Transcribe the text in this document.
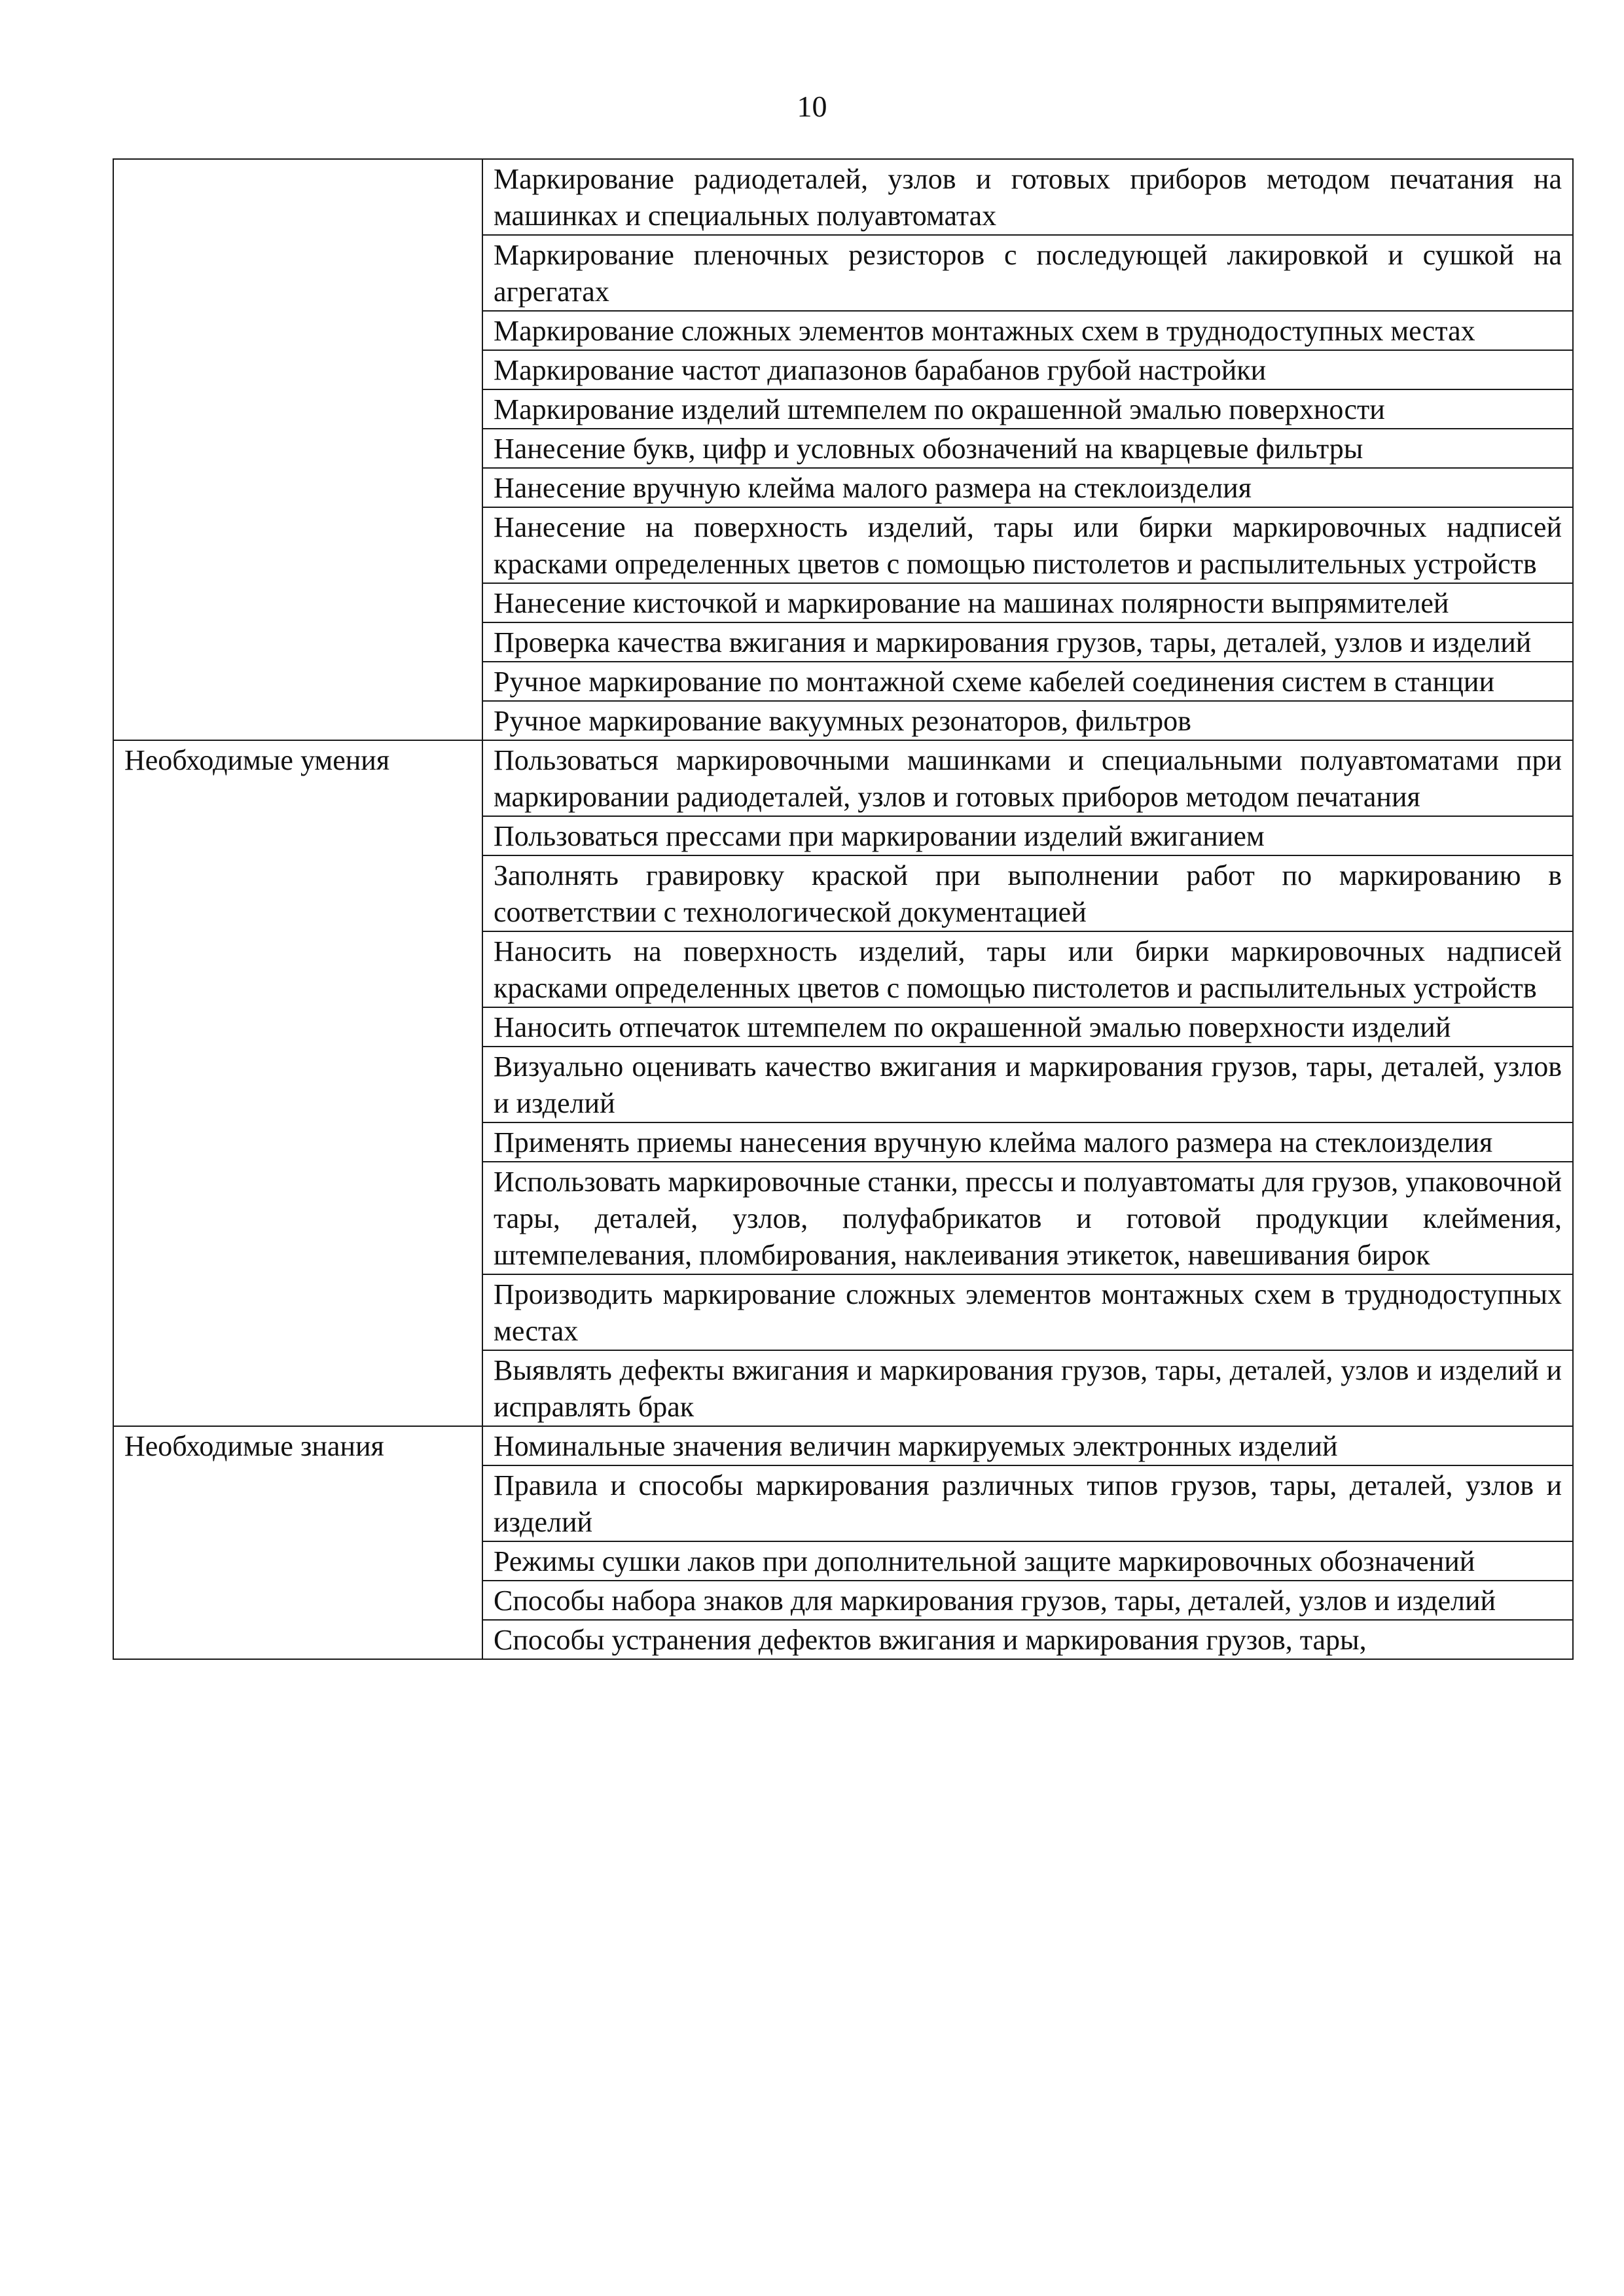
10
	Маркирование радиодеталей, узлов и готовых приборов методом печатания на машинках и специальных полуавтоматах
	Маркирование пленочных резисторов с последующей лакировкой и сушкой на агрегатах
	Маркирование сложных элементов монтажных схем в труднодоступных местах
	Маркирование частот диапазонов барабанов грубой настройки
	Маркирование изделий штемпелем по окрашенной эмалью поверхности
	Нанесение букв, цифр и условных обозначений на кварцевые фильтры
	Нанесение вручную клейма малого размера на стеклоизделия
	Нанесение на поверхность изделий, тары или бирки маркировочных надписей красками определенных цветов с помощью пистолетов и распылительных устройств
	Нанесение кисточкой и маркирование на машинах полярности выпрямителей
	Проверка качества вжигания и маркирования грузов, тары, деталей, узлов и изделий
	Ручное маркирование по монтажной схеме кабелей соединения систем в станции
	Ручное маркирование вакуумных резонаторов, фильтров
Необходимые умения	Пользоваться маркировочными машинками и специальными полуавтоматами при маркировании радиодеталей, узлов и готовых приборов методом печатания
	Пользоваться прессами при маркировании изделий вжиганием
	Заполнять гравировку краской при выполнении работ по маркированию в соответствии с технологической документацией
	Наносить на поверхность изделий, тары или бирки маркировочных надписей красками определенных цветов с помощью пистолетов и распылительных устройств
	Наносить отпечаток штемпелем по окрашенной эмалью поверхности изделий
	Визуально оценивать качество вжигания и маркирования грузов, тары, деталей, узлов и изделий
	Применять приемы нанесения вручную клейма малого размера на стеклоизделия
	Использовать маркировочные станки, прессы и полуавтоматы для грузов, упаковочной тары, деталей, узлов, полуфабрикатов и готовой продукции клеймения, штемпелевания, пломбирования, наклеивания этикеток, навешивания бирок
	Производить маркирование сложных элементов монтажных схем в труднодоступных местах
	Выявлять дефекты вжигания и маркирования грузов, тары, деталей, узлов и изделий и исправлять брак
Необходимые знания	Номинальные значения величин маркируемых электронных изделий
	Правила и способы маркирования различных типов грузов, тары, деталей, узлов и изделий
	Режимы сушки лаков при дополнительной защите маркировочных обозначений
	Способы набора знаков для маркирования грузов, тары, деталей, узлов и изделий
	Способы устранения дефектов вжигания и маркирования грузов, тары,
